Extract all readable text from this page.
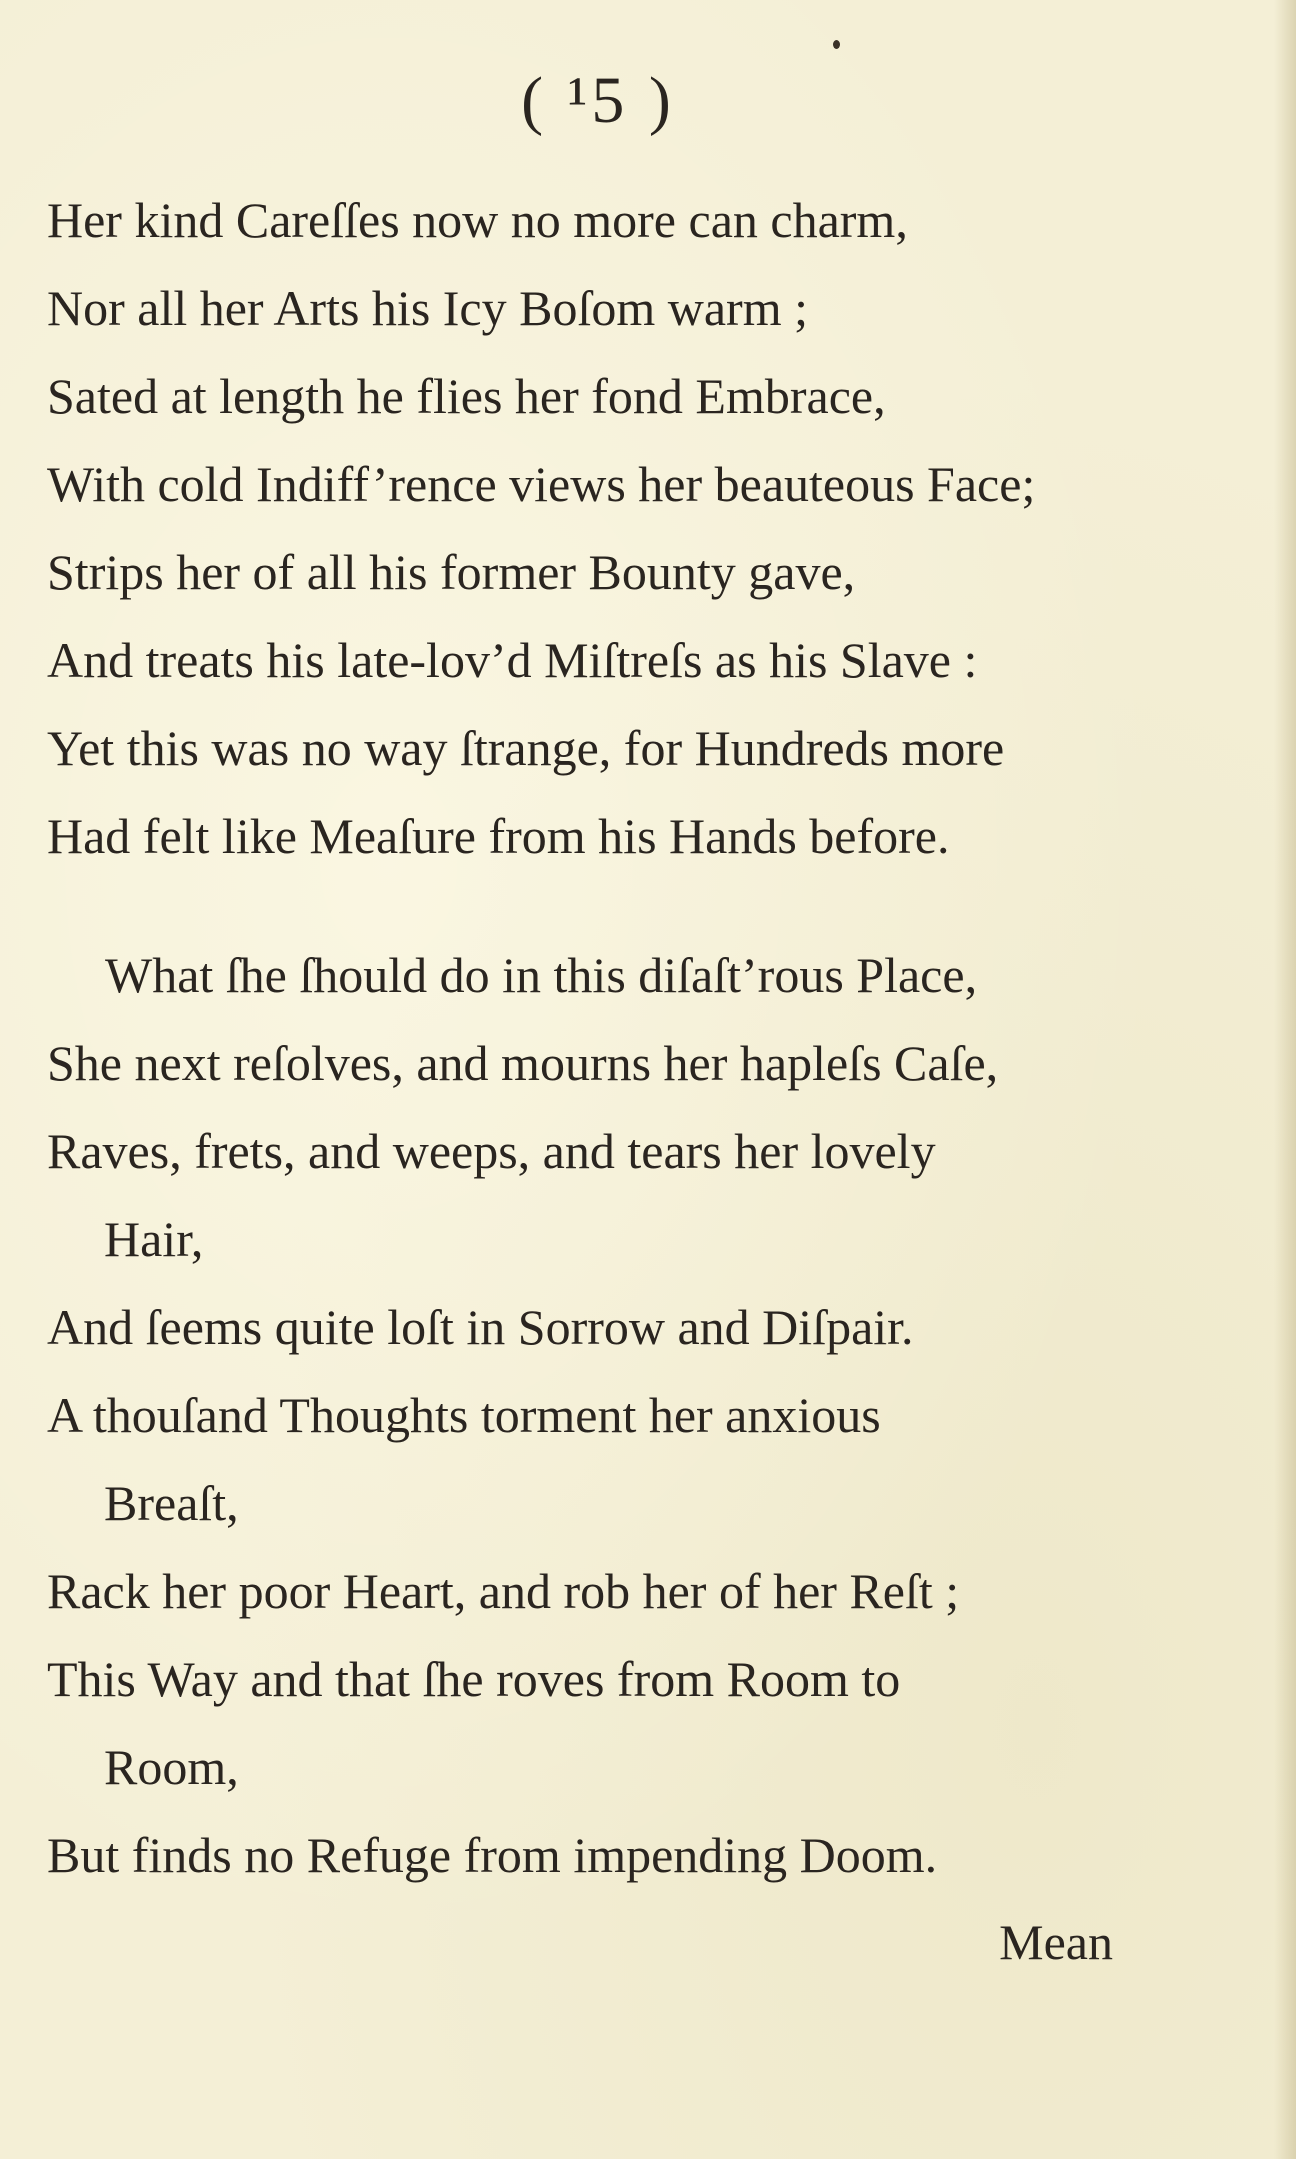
( ¹5 )
Her kind Careſſes now no more can charm,
Nor all her Arts his Icy Boſom warm ;
Sated at length he flies her fond Embrace,
With cold Indiff’rence views her beauteous Face;
Strips her of all his former Bounty gave,
And treats his late-lov’d Miſtreſs as his Slave :
Yet this was no way ſtrange, for Hundreds more
Had felt like Meaſure from his Hands before.
What ſhe ſhould do in this diſaſt’rous Place,
She next reſolves, and mourns her hapleſs Caſe,
Raves, frets, and weeps, and tears her lovely
Hair,
And ſeems quite loſt in Sorrow and Diſpair.
A thouſand Thoughts torment her anxious
Breaſt,
Rack her poor Heart, and rob her of her Reſt ;
This Way and that ſhe roves from Room to
Room,
But finds no Refuge from impending Doom.
Mean
